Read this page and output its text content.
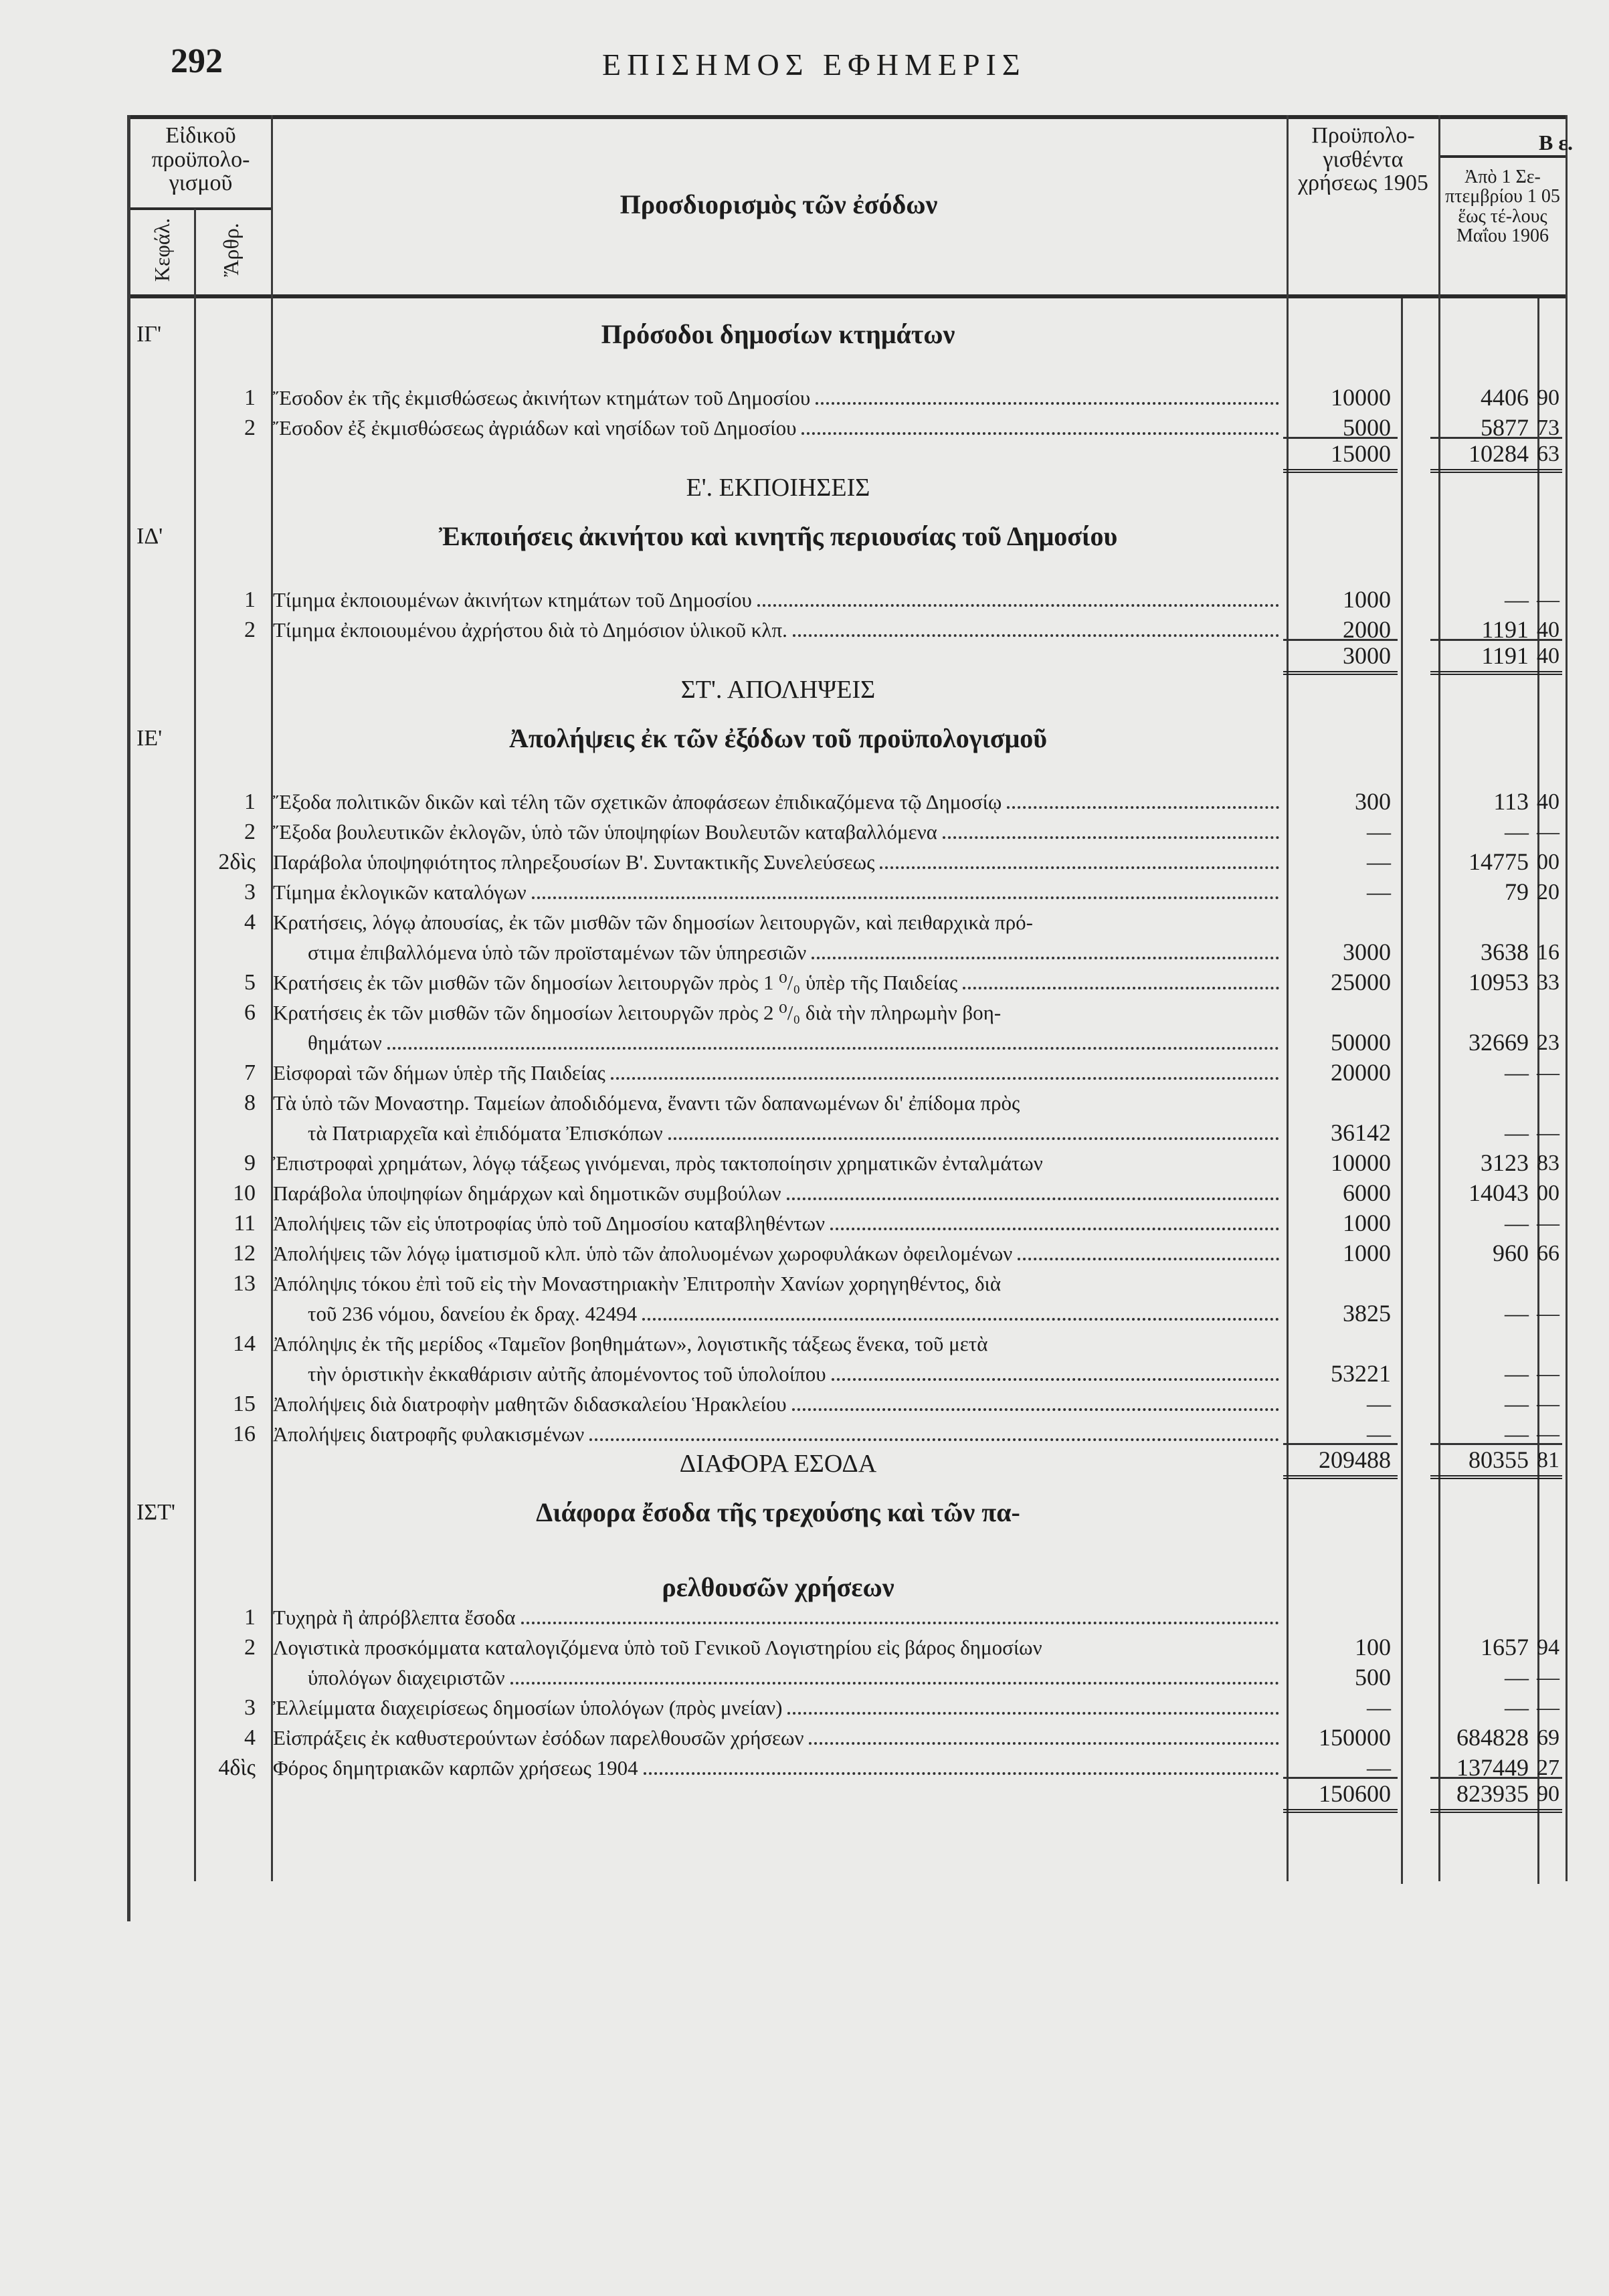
292	ΕΠΙΣΗΜΟΣ ΕΦΗΜΕΡΙΣ
Εἰδικοῦ προϋπολο-γισμοῦ
Κεφάλ. Ἄρθρ.
Προσδιορισμὸς τῶν ἐσόδων
Προϋπολο-γισθέντα χρήσεως 1905
Β ε.
Ἀπὸ 1 Σε-πτεμβρίου 1 05 ἕως τέ-λους Μαΐου 1906
ΙΓ'	Πρόσοδοι δημοσίων κτημάτων
1 Ἔσοδον ἐκ τῆς ἐκμισθώσεως ἀκινήτων κτημάτων τοῦ Δημοσίου	10000	4406 90
2 Ἔσοδον ἐξ ἐκμισθώσεως ἀγριάδων καὶ νησίδων τοῦ Δημοσίου	5000	5877 73
15000	10284 63
Ε'. ΕΚΠΟΙΗΣΕΙΣ
ΙΔ'	Ἐκποιήσεις ἀκινήτου καὶ κινητῆς περιουσίας τοῦ Δημοσίου
1 Τίμημα ἐκποιουμένων ἀκινήτων κτημάτων τοῦ Δημοσίου	1000	— —
2 Τίμημα ἐκποιουμένου ἀχρήστου διὰ τὸ Δημόσιον ὑλικοῦ κλπ.	2000	1191 40
3000	1191 40
ΣΤ'. ΑΠΟΛΗΨΕΙΣ
ΙΕ'	Ἀπολήψεις ἐκ τῶν ἐξόδων τοῦ προϋπολογισμοῦ
1 Ἔξοδα πολιτικῶν δικῶν καὶ τέλη τῶν σχετικῶν ἀποφάσεων ἐπιδικαζόμενα τῷ Δημοσίῳ	300	113 40
2 Ἔξοδα βουλευτικῶν ἐκλογῶν, ὑπὸ τῶν ὑποψηφίων Βουλευτῶν καταβαλλόμενα	—	— —
2δὶς Παράβολα ὑποψηφιότητος πληρεξουσίων Β'. Συντακτικῆς Συνελεύσεως	—	14775 00
3 Τίμημα ἐκλογικῶν καταλόγων	—	79 20
4 Κρατήσεις, λόγῳ ἀπουσίας, ἐκ τῶν μισθῶν τῶν δημοσίων λειτουργῶν, καὶ πειθαρχικὰ πρό-
στιμα ἐπιβαλλόμενα ὑπὸ τῶν προϊσταμένων τῶν ὑπηρεσιῶν	3000	3638 16
5 Κρατήσεις ἐκ τῶν μισθῶν τῶν δημοσίων λειτουργῶν πρὸς 1 ⁰/₀ ὑπὲρ τῆς Παιδείας	25000	10953 33
6 Κρατήσεις ἐκ τῶν μισθῶν τῶν δημοσίων λειτουργῶν πρὸς 2 ⁰/₀ διὰ τὴν πληρωμὴν βοη-
θημάτων	50000	32669 23
7 Εἰσφοραὶ τῶν δήμων ὑπὲρ τῆς Παιδείας	20000	— —
8 Τὰ ὑπὸ τῶν Μοναστηρ. Ταμείων ἀποδιδόμενα, ἔναντι τῶν δαπανωμένων δι' ἐπίδομα πρὸς
τὰ Πατριαρχεῖα καὶ ἐπιδόματα Ἐπισκόπων	36142	— —
9 Ἐπιστροφαὶ χρημάτων, λόγῳ τάξεως γινόμεναι, πρὸς τακτοποίησιν χρηματικῶν ἐνταλμάτων	10000	3123 83
10 Παράβολα ὑποψηφίων δημάρχων καὶ δημοτικῶν συμβούλων	6000	14043 00
11 Ἀπολήψεις τῶν εἰς ὑποτροφίας ὑπὸ τοῦ Δημοσίου καταβληθέντων	1000	— —
12 Ἀπολήψεις τῶν λόγῳ ἱματισμοῦ κλπ. ὑπὸ τῶν ἀπολυομένων χωροφυλάκων ὀφειλομένων	1000	960 66
13 Ἀπόληψις τόκου ἐπὶ τοῦ εἰς τὴν Μοναστηριακὴν Ἐπιτροπὴν Χανίων χορηγηθέντος, διὰ
τοῦ 236 νόμου, δανείου ἐκ δραχ. 42494	3825	— —
14 Ἀπόληψις ἐκ τῆς μερίδος «Ταμεῖον βοηθημάτων», λογιστικῆς τάξεως ἕνεκα, τοῦ μετὰ
τὴν ὁριστικὴν ἐκκαθάρισιν αὐτῆς ἀπομένοντος τοῦ ὑπολοίπου	53221	— —
15 Ἀπολήψεις διὰ διατροφὴν μαθητῶν διδασκαλείου Ἡρακλείου	—	— —
16 Ἀπολήψεις διατροφῆς φυλακισμένων	—	— —
ΔΙΑΦΟΡΑ ΕΣΟΔΑ	209488	80355 81
ΙΣΤ'	Διάφορα ἔσοδα τῆς τρεχούσης καὶ τῶν πα-
ρελθουσῶν χρήσεων
1 Τυχηρὰ ἢ ἀπρόβλεπτα ἔσοδα
2 Λογιστικὰ προσκόμματα καταλογιζόμενα ὑπὸ τοῦ Γενικοῦ Λογιστηρίου εἰς βάρος δημοσίων	100	1657 94
ὑπολόγων διαχειριστῶν	500	— —
3 Ἐλλείμματα διαχειρίσεως δημοσίων ὑπολόγων (πρὸς μνείαν)	—	— —
4 Εἰσπράξεις ἐκ καθυστερούντων ἐσόδων παρελθουσῶν χρήσεων	150000	684828 69
4δὶς Φόρος δημητριακῶν καρπῶν χρήσεως 1904	—	137449 27
150600	823935 90
